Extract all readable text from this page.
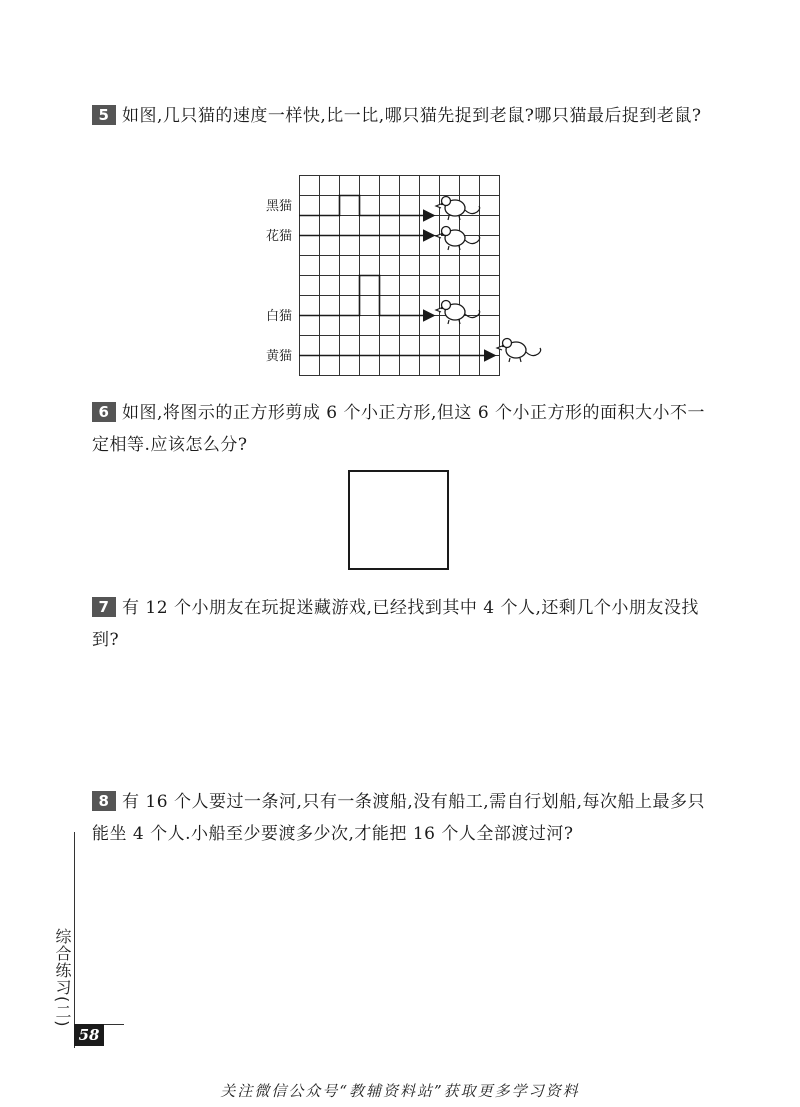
5 如图,几只猫的速度一样快,比一比,哪只猫先捉到老鼠?哪只猫最后捉到老鼠?
黑猫
花猫
白猫
黄猫
6 如图,将图示的正方形剪成 6 个小正方形,但这 6 个小正方形的面积大小不一定相等.应该怎么分?
7 有 12 个小朋友在玩捉迷藏游戏,已经找到其中 4 个人,还剩几个小朋友没找到?
8 有 16 个人要过一条河,只有一条渡船,没有船工,需自行划船,每次船上最多只能坐 4 个人.小船至少要渡多少次,才能把 16 个人全部渡过河?
综合练习(二)
58
关注微信公众号“教辅资料站”获取更多学习资料
